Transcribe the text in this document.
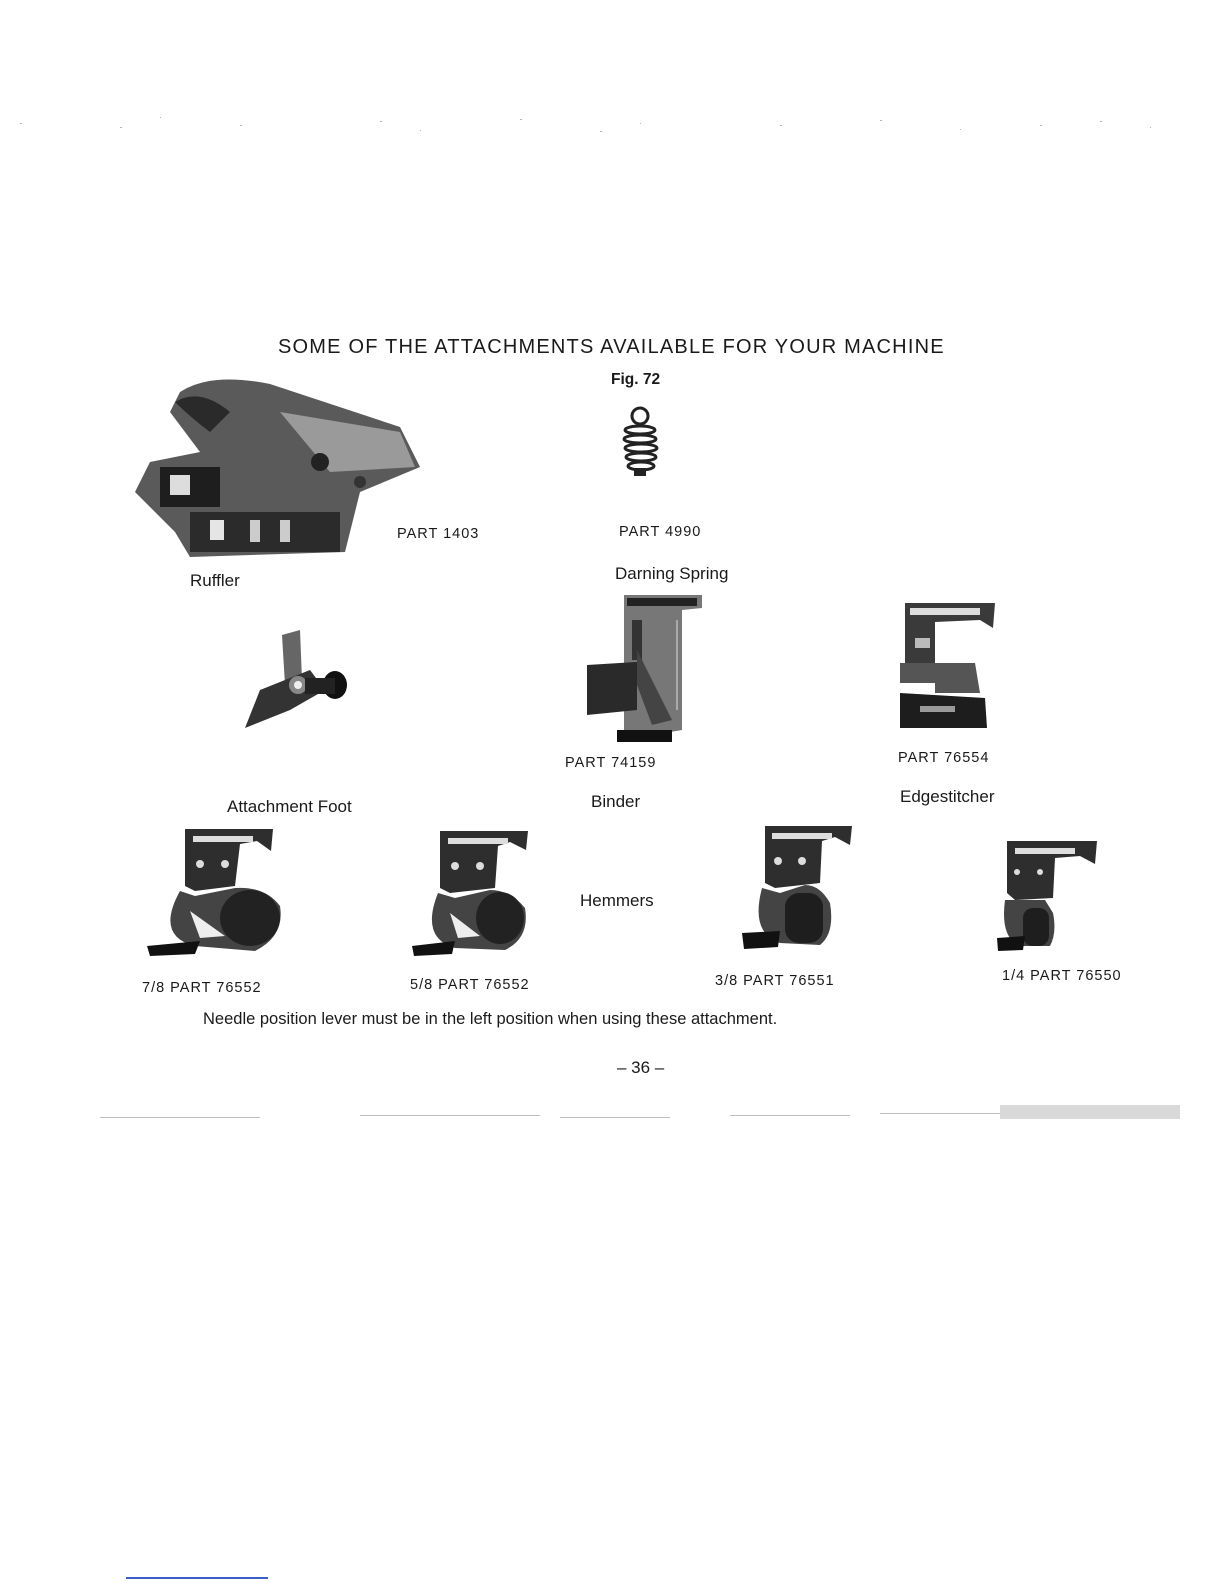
SOME OF THE ATTACHMENTS AVAILABLE FOR YOUR MACHINE
Fig. 72
PART 1403
Ruffler
PART 4990
Darning Spring
Attachment Foot
PART 74159
Binder
PART 76554
Edgestitcher
7/8 PART 76552	5/8 PART 76552
Hemmers
3/8 PART 76551	1/4 PART 76550
Needle position lever must be in the left position when using these attachment.
– 36 –
